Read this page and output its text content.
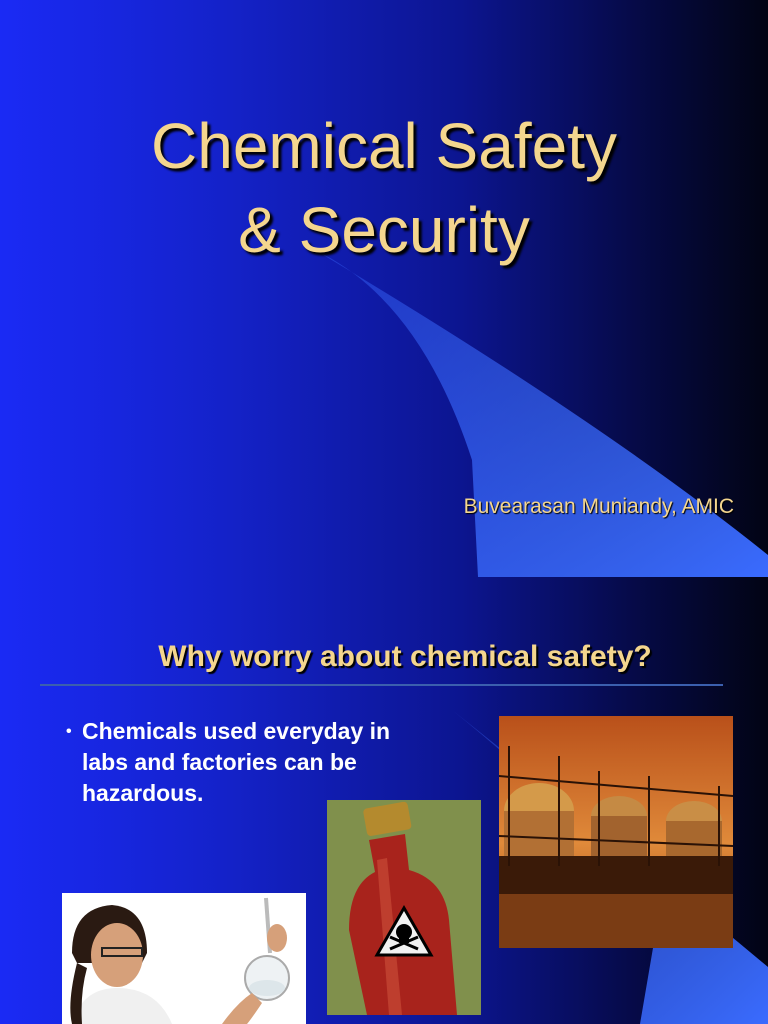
Chemical Safety
& Security
Buvearasan Muniandy, AMIC
Why worry about chemical safety?
• Chemicals used everyday in labs and factories can be hazardous.
